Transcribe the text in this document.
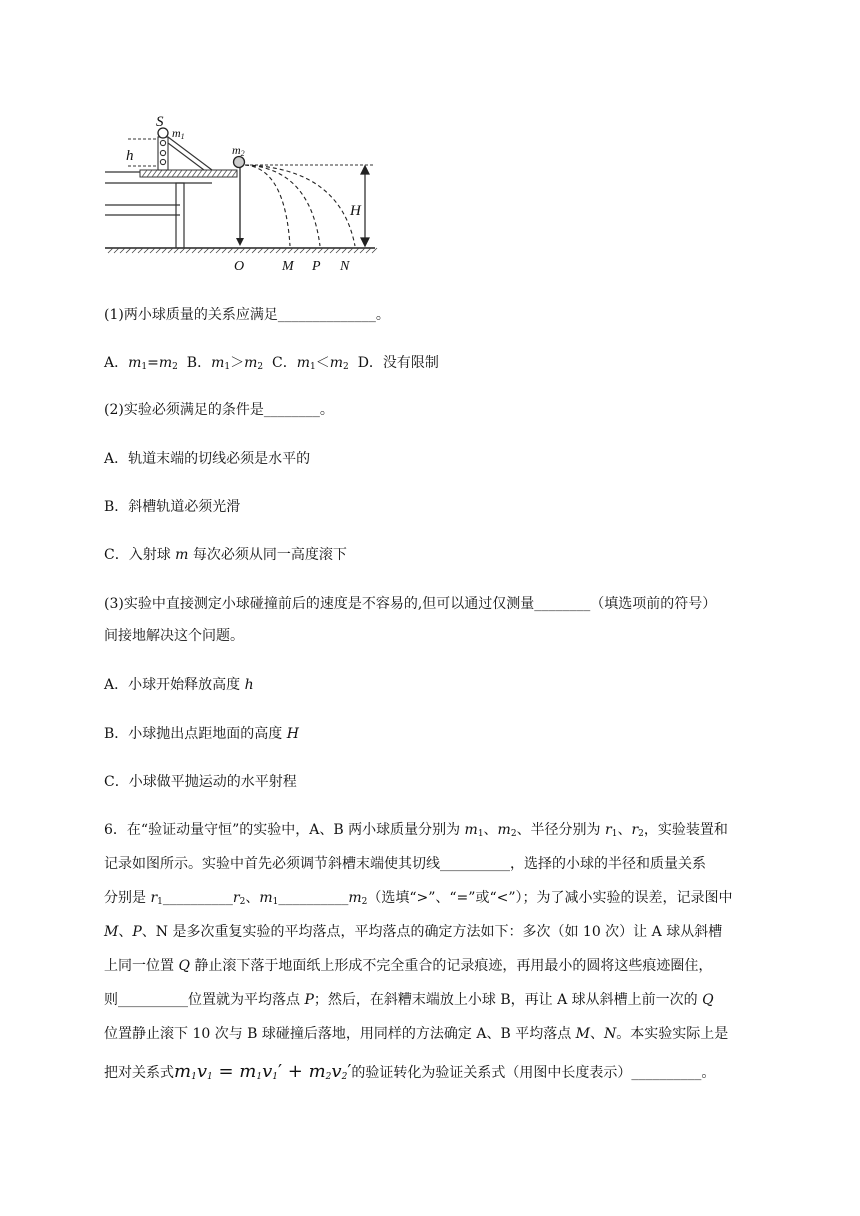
S
m1
h	m2
H
O	M P N
(1)两小球质量的关系应满足______________。
A．$m_1=m_2$ B．$m_1>m_2$ C．$m_1<m_2$ D．没有限制
(2)实验必须满足的条件是________。
A．轨道末端的切线必须是水平的
B．斜槽轨道必须光滑
C．入射球 m 每次必须从同一高度滚下
(3)实验中直接测定小球碰撞前后的速度是不容易的,但可以通过仅测量________（填选项前的符号）
间接地解决这个问题。
A．小球开始释放高度 h
B．小球抛出点距地面的高度 H
C．小球做平抛运动的水平射程
6．在“验证动量守恒”的实验中，A、B 两小球质量分别为 $m_1$、$m_2$、半径分别为 $r_1$、$r_2$，实验装置和
记录如图所示。实验中首先必须调节斜槽末端使其切线__________，选择的小球的半径和质量关系
分别是 $r_1\_\_\_\_\_\_\_\_\_\_r_2$、$m_1\_\_\_\_\_\_\_\_\_\_m_2$（选填“>”、“=”或“<”）；为了减小实验的误差，记录图中
M、P、N 是多次重复实验的平均落点，平均落点的确定方法如下：多次（如 10 次）让 A 球从斜槽
上同一位置 Q 静止滚下落于地面纸上形成不完全重合的记录痕迹，再用最小的圆将这些痕迹圈住，
则__________位置就为平均落点 P；然后，在斜糟末端放上小球 B，再让 A 球从斜槽上前一次的 Q
位置静止滚下 10 次与 B 球碰撞后落地，用同样的方法确定 A、B 平均落点 M、N。本实验实际上是
把对关系式$m_1v_1 = m_1v_1' + m_2v_2'$的验证转化为验证关系式（用图中长度表示）__________。
